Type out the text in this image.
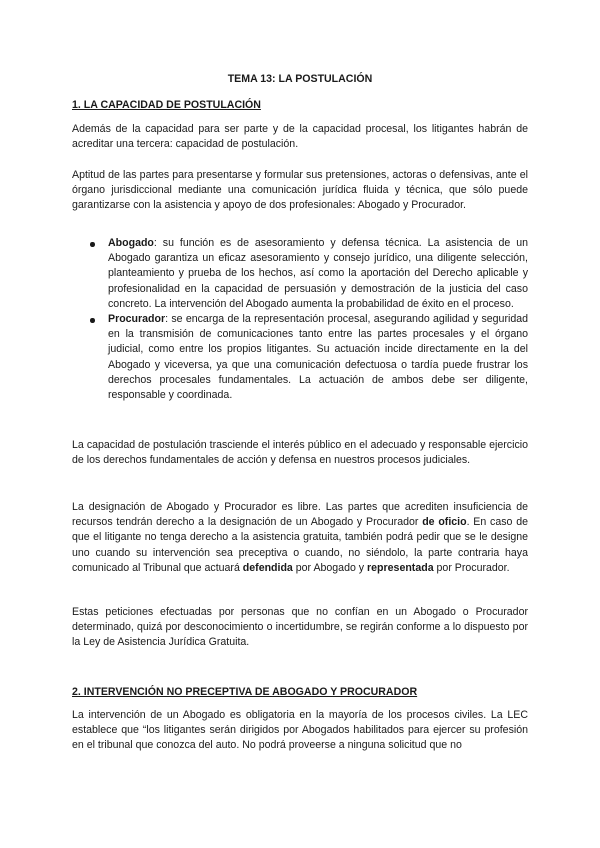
TEMA 13: LA POSTULACIÓN
1. LA CAPACIDAD DE POSTULACIÓN

Además de la capacidad para ser parte y de la capacidad procesal, los litigantes habrán de acreditar una tercera: capacidad de postulación.

Aptitud de las partes para presentarse y formular sus pretensiones, actoras o defensivas, ante el órgano jurisdiccional mediante una comunicación jurídica fluida y técnica, que sólo puede garantizarse con la asistencia y apoyo de dos profesionales: Abogado y Procurador.

Abogado: su función es de asesoramiento y defensa técnica. La asistencia de un Abogado garantiza un eficaz asesoramiento y consejo jurídico, una diligente selección, planteamiento y prueba de los hechos, así como la aportación del Derecho aplicable y profesionalidad en la capacidad de persuasión y demostración de la justicia del caso concreto. La intervención del Abogado aumenta la probabilidad de éxito en el proceso.
Procurador: se encarga de la representación procesal, asegurando agilidad y seguridad en la transmisión de comunicaciones tanto entre las partes procesales y el órgano judicial, como entre los propios litigantes. Su actuación incide directamente en la del Abogado y viceversa, ya que una comunicación defectuosa o tardía puede frustrar los derechos procesales fundamentales. La actuación de ambos debe ser diligente, responsable y coordinada.

La capacidad de postulación trasciende el interés público en el adecuado y responsable ejercicio de los derechos fundamentales de acción y defensa en nuestros procesos judiciales.

La designación de Abogado y Procurador es libre. Las partes que acrediten insuficiencia de recursos tendrán derecho a la designación de un Abogado y Procurador de oficio. En caso de que el litigante no tenga derecho a la asistencia gratuita, también podrá pedir que se le designe uno cuando su intervención sea preceptiva o cuando, no siéndolo, la parte contraria haya comunicado al Tribunal que actuará defendida por Abogado y representada por Procurador.

Estas peticiones efectuadas por personas que no confían en un Abogado o Procurador determinado, quizá por desconocimiento o incertidumbre, se regirán conforme a lo dispuesto por la Ley de Asistencia Jurídica Gratuita.

2. INTERVENCIÓN NO PRECEPTIVA DE ABOGADO Y PROCURADOR

La intervención de un Abogado es obligatoria en la mayoría de los procesos civiles. La LEC establece que “los litigantes serán dirigidos por Abogados habilitados para ejercer su profesión en el tribunal que conozca del auto. No podrá proveerse a ninguna solicitud que no
